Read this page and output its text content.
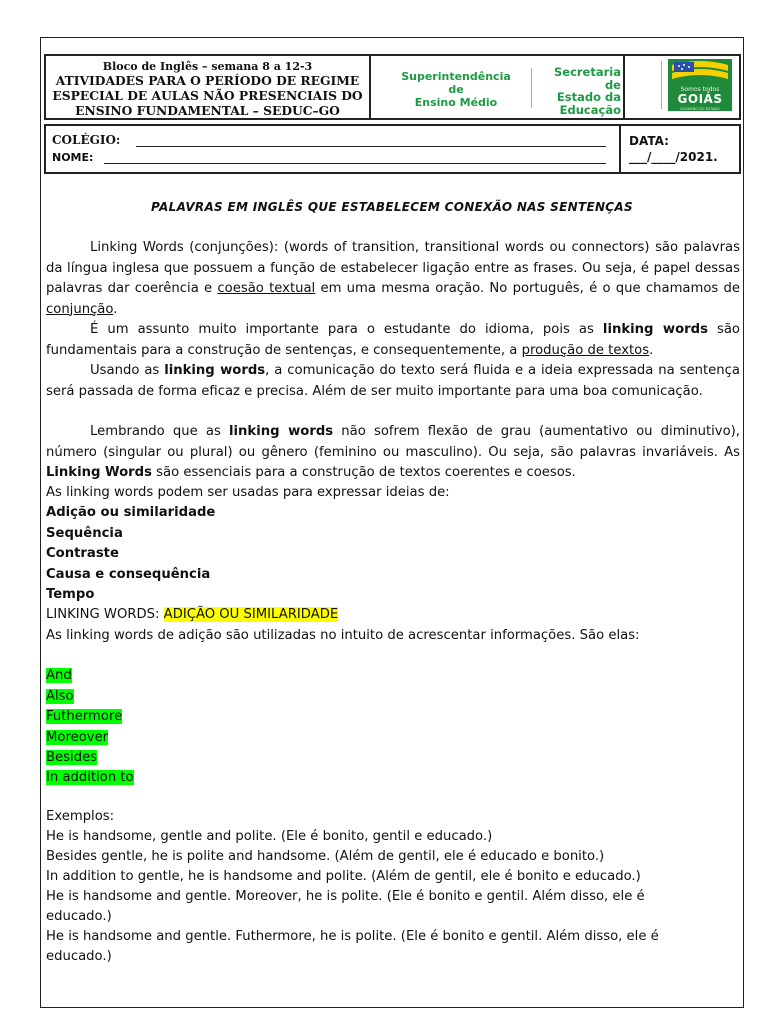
Bloco de Inglês – semana 8 a 12-3
ATIVIDADES PARA O PERÍODO DE REGIME
ESPECIAL DE AULAS NÃO PRESENCIAIS DO
ENSINO FUNDAMENTAL – SEDUC–GO
Superintendência de
Ensino Médio
Secretaria de
Estado da
Educação
Somos todos
GOIÁS
GOVERNO DO ESTADO
COLÉGIO:
NOME:
DATA:
___/____/2021.
PALAVRAS EM INGLÊS QUE ESTABELECEM CONEXÃO NAS SENTENÇAS
Linking Words (conjunções): (words of transition, transitional words ou connectors) são palavras da língua inglesa que possuem a função de estabelecer ligação entre as frases. Ou seja, é papel dessas palavras dar coerência e coesão textual em uma mesma oração. No português, é o que chamamos de conjunção.
É um assunto muito importante para o estudante do idioma, pois as linking words são fundamentais para a construção de sentenças, e consequentemente, a produção de textos.
Usando as linking words, a comunicação do texto será fluida e a ideia expressada na sentença será passada de forma eficaz e precisa. Além de ser muito importante para uma boa comunicação.
Lembrando que as linking words não sofrem flexão de grau (aumentativo ou diminutivo), número (singular ou plural) ou gênero (feminino ou masculino). Ou seja, são palavras invariáveis. As Linking Words são essenciais para a construção de textos coerentes e coesos.
As linking words podem ser usadas para expressar ideias de:
Adição ou similaridade
Sequência
Contraste
Causa e consequência
Tempo
LINKING WORDS: ADIÇÃO OU SIMILARIDADE
As linking words de adição são utilizadas no intuito de acrescentar informações. São elas:
And
Also
Futhermore
Moreover
Besides
In addition to
Exemplos:
He is handsome, gentle and polite. (Ele é bonito, gentil e educado.)
Besides gentle, he is polite and handsome. (Além de gentil, ele é educado e bonito.)
In addition to gentle, he is handsome and polite. (Além de gentil, ele é bonito e educado.)
He is handsome and gentle. Moreover, he is polite. (Ele é bonito e gentil. Além disso, ele é educado.)
He is handsome and gentle. Futhermore, he is polite. (Ele é bonito e gentil. Além disso, ele é educado.)
